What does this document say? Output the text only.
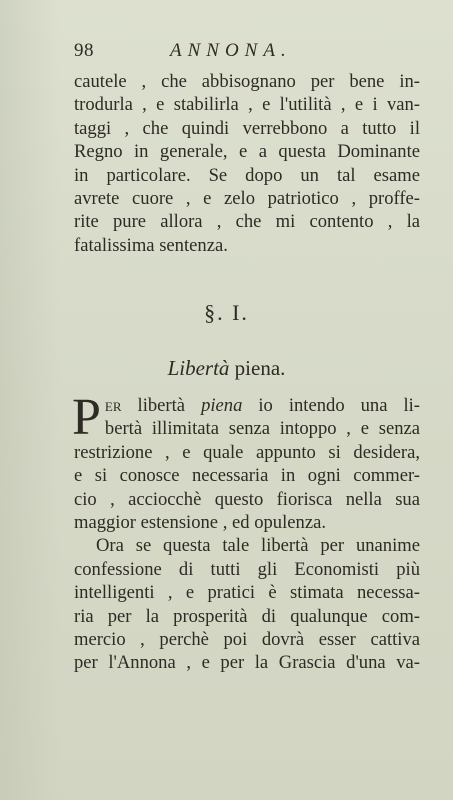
98	ANNONA.
cautele , che abbisognano per bene in-
trodurla , e stabilirla , e l'utilità , e i van-
taggi , che quindi verrebbono a tutto il
Regno in generale, e a questa Dominante
in particolare. Se dopo un tal esame
avrete cuore , e zelo patriotico , proffe-
rite pure allora , che mi contento , la
fatalissima sentenza.
§. I.
Libertà piena.
P er libertà piena io intendo una li-
bertà illimitata senza intoppo , e senza
restrizione , e quale appunto si desidera,
e si conosce necessaria in ogni commer-
cio , acciocchè questo fiorisca nella sua
maggior estensione , ed opulenza.
Ora se questa tale libertà per unanime
confessione di tutti gli Economisti più
intelligenti , e pratici è stimata necessa-
ria per la prosperità di qualunque com-
mercio , perchè poi dovrà esser cattiva
per l'Annona , e per la Grascia d'una va-
